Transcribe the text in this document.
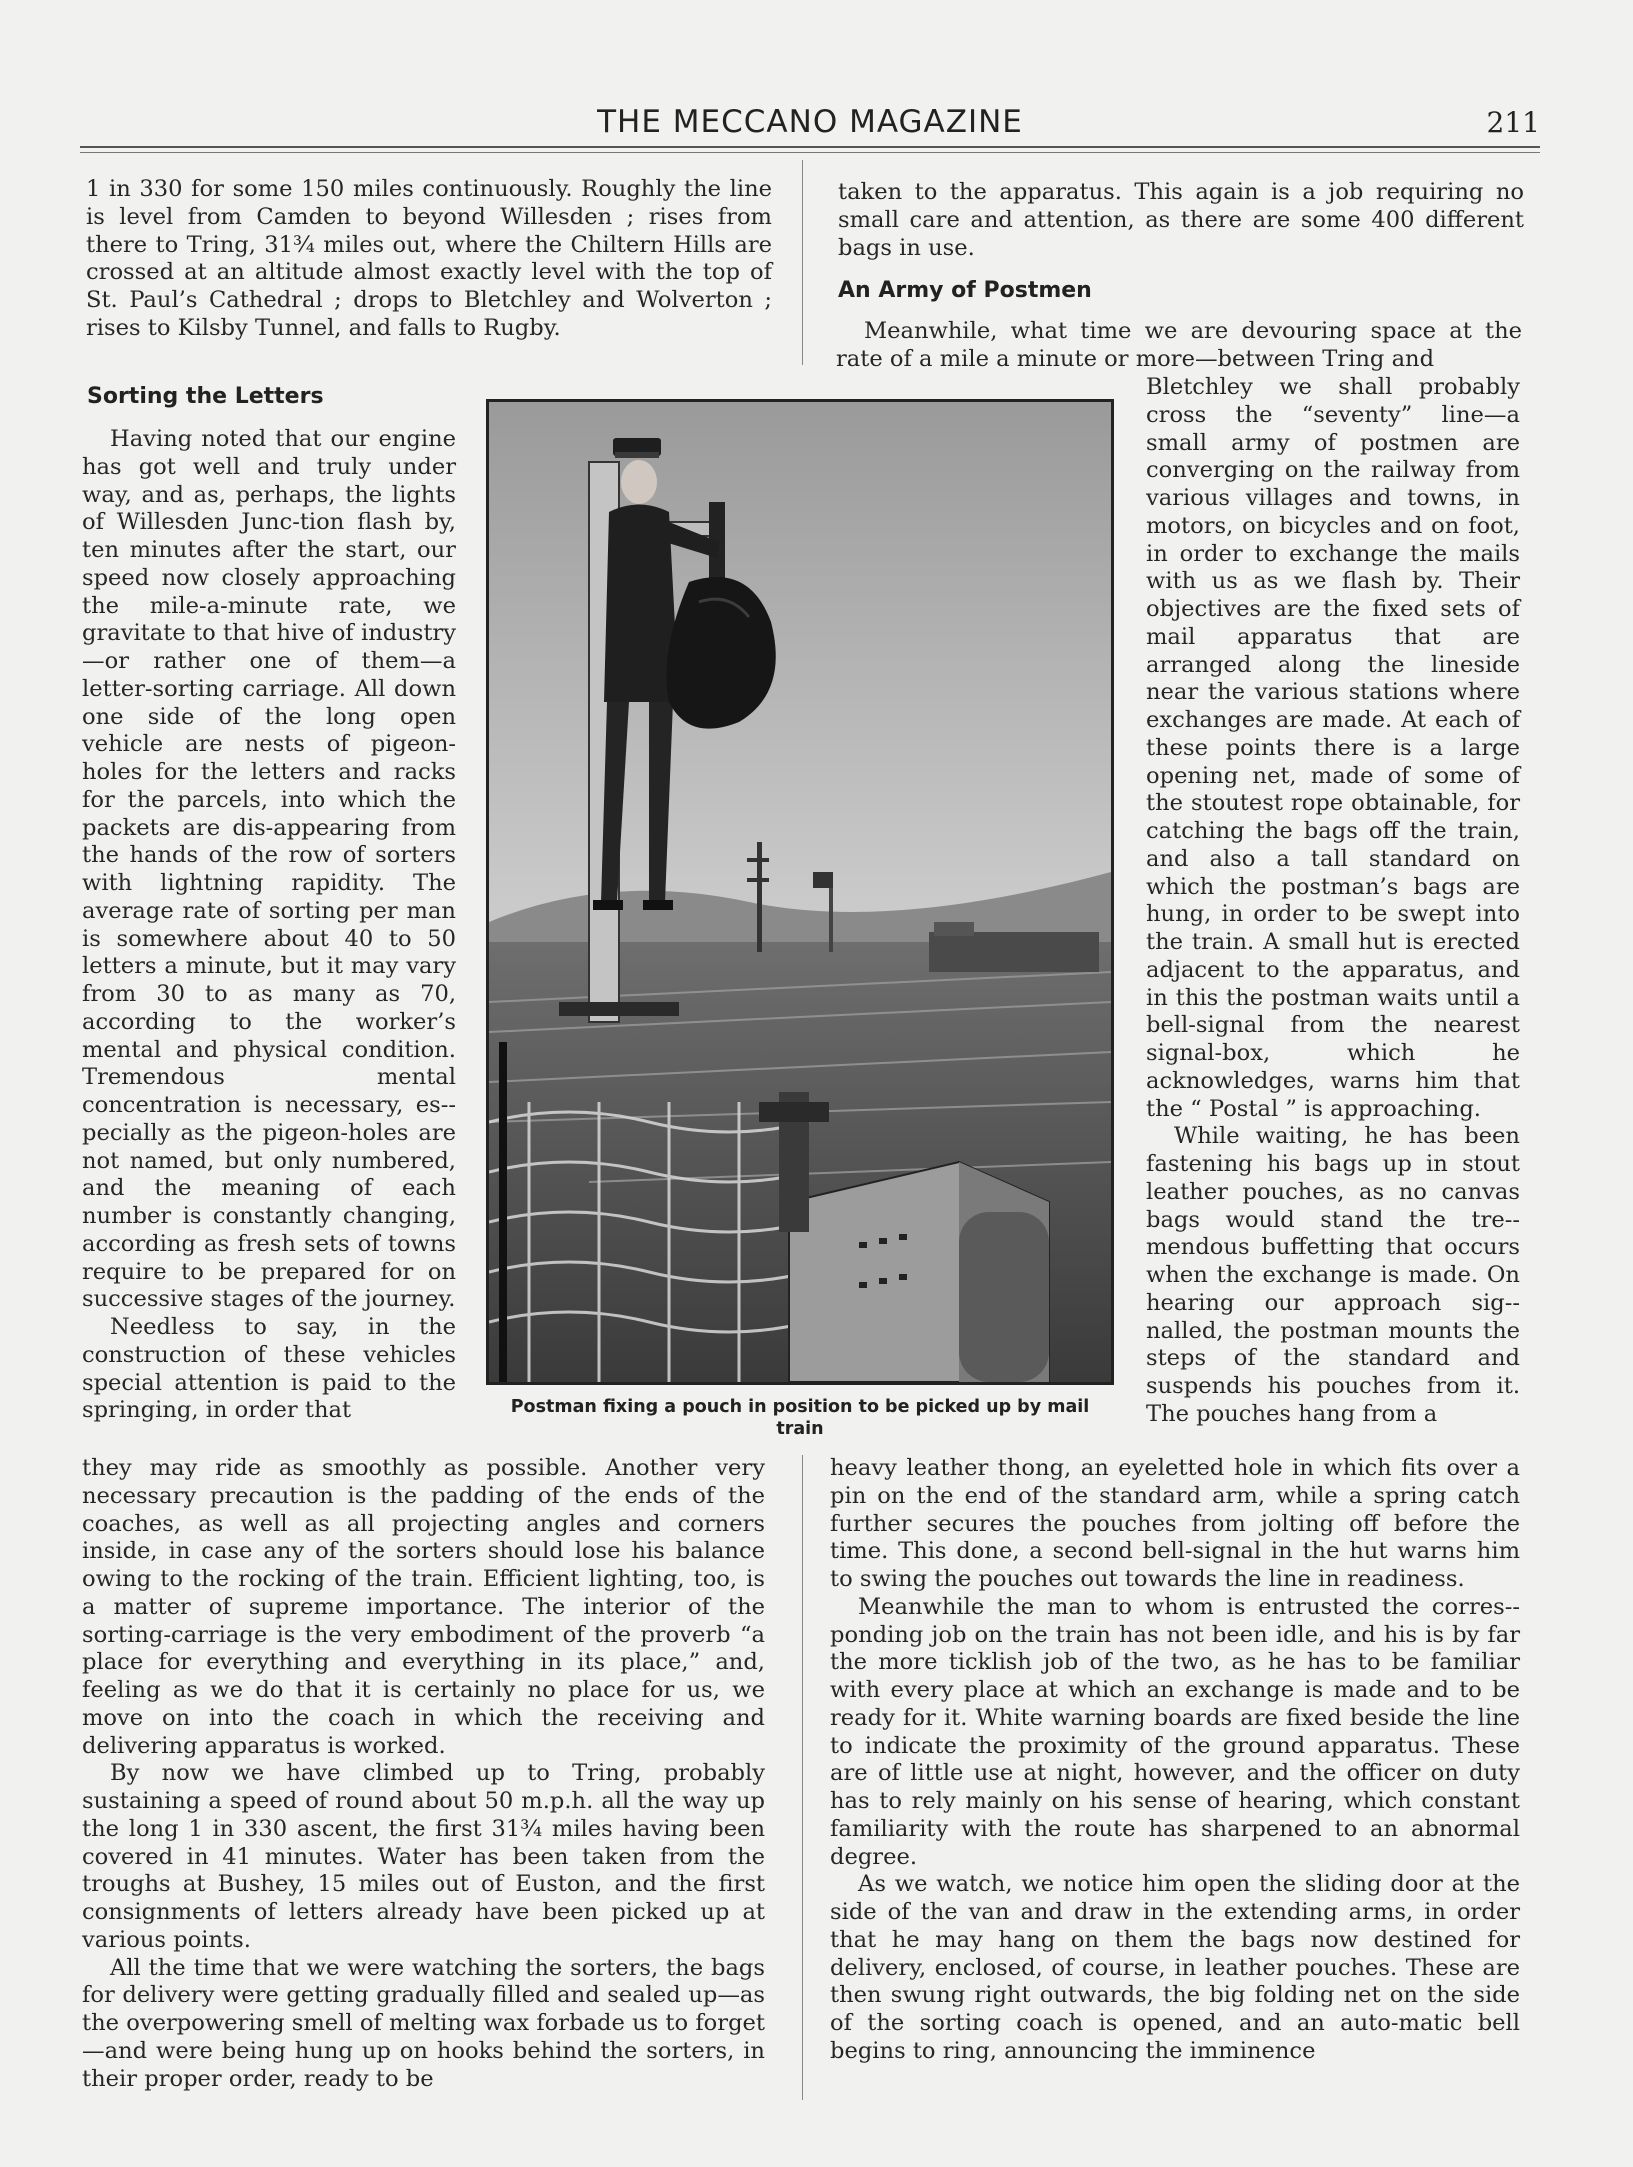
THE MECCANO MAGAZINE	211

1 in 330 for some 150 miles continuously. Roughly the line is level from Camden to beyond Willesden ; rises from there to Tring, 31¾ miles out, where the Chiltern Hills are crossed at an altitude almost exactly level with the top of St. Paul’s Cathedral ; drops to Bletchley and Wolverton ; rises to Kilsby Tunnel, and falls to Rugby.

Sorting the Letters

Having noted that our engine has got well and truly under way, and as, perhaps, the lights of Willesden Junc-tion flash by, ten minutes after the start, our speed now closely approaching the mile-a-minute rate, we gravitate to that hive of industry—or rather one of them—a letter-sorting carriage. All down one side of the long open vehicle are nests of pigeon-holes for the letters and racks for the parcels, into which the packets are dis-appearing from the hands of the row of sorters with lightning rapidity. The average rate of sorting per man is somewhere about 40 to 50 letters a minute, but it may vary from 30 to as many as 70, according to the worker’s mental and physical condition. Tremendous mental concentration is necessary, es-pecially as the pigeon-holes are not named, but only numbered, and the meaning of each number is constantly changing, according as fresh sets of towns require to be prepared for on successive stages of the journey.

Needless to say, in the construction of these vehicles special attention is paid to the springing, in order that

they may ride as smoothly as possible. Another very necessary precaution is the padding of the ends of the coaches, as well as all projecting angles and corners inside, in case any of the sorters should lose his balance owing to the rocking of the train. Efficient lighting, too, is a matter of supreme importance. The interior of the sorting-carriage is the very embodiment of the proverb “a place for everything and everything in its place,” and, feeling as we do that it is certainly no place for us, we move on into the coach in which the receiving and delivering apparatus is worked.

By now we have climbed up to Tring, probably sustaining a speed of round about 50 m.p.h. all the way up the long 1 in 330 ascent, the first 31¾ miles having been covered in 41 minutes. Water has been taken from the troughs at Bushey, 15 miles out of Euston, and the first consignments of letters already have been picked up at various points.

All the time that we were watching the sorters, the bags for delivery were getting gradually filled and sealed up—as the overpowering smell of melting wax forbade us to forget—and were being hung up on hooks behind the sorters, in their proper order, ready to be

taken to the apparatus. This again is a job requiring no small care and attention, as there are some 400 different bags in use.

An Army of Postmen

Meanwhile, what time we are devouring space at the rate of a mile a minute or more—between Tring and

Bletchley we shall probably cross the “seventy” line—a small army of postmen are converging on the railway from various villages and towns, in motors, on bicycles and on foot, in order to exchange the mails with us as we flash by. Their objectives are the fixed sets of mail apparatus that are arranged along the lineside near the various stations where exchanges are made. At each of these points there is a large opening net, made of some of the stoutest rope obtainable, for catching the bags off the train, and also a tall standard on which the postman’s bags are hung, in order to be swept into the train. A small hut is erected adjacent to the apparatus, and in this the postman waits until a bell-signal from the nearest signal-box, which he acknowledges, warns him that the “ Postal ” is approaching.

While waiting, he has been fastening his bags up in stout leather pouches, as no canvas bags would stand the tre-mendous buffetting that occurs when the exchange is made. On hearing our approach sig-nalled, the postman mounts the steps of the standard and suspends his pouches from it. The pouches hang from a

heavy leather thong, an eyeletted hole in which fits over a pin on the end of the standard arm, while a spring catch further secures the pouches from jolting off before the time. This done, a second bell-signal in the hut warns him to swing the pouches out towards the line in readiness.

Meanwhile the man to whom is entrusted the corres-ponding job on the train has not been idle, and his is by far the more ticklish job of the two, as he has to be familiar with every place at which an exchange is made and to be ready for it. White warning boards are fixed beside the line to indicate the proximity of the ground apparatus. These are of little use at night, however, and the officer on duty has to rely mainly on his sense of hearing, which constant familiarity with the route has sharpened to an abnormal degree.

As we watch, we notice him open the sliding door at the side of the van and draw in the extending arms, in order that he may hang on them the bags now destined for delivery, enclosed, of course, in leather pouches. These are then swung right outwards, the big folding net on the side of the sorting coach is opened, and an auto-matic bell begins to ring, announcing the imminence

Postman fixing a pouch in position to be picked up by mail train
